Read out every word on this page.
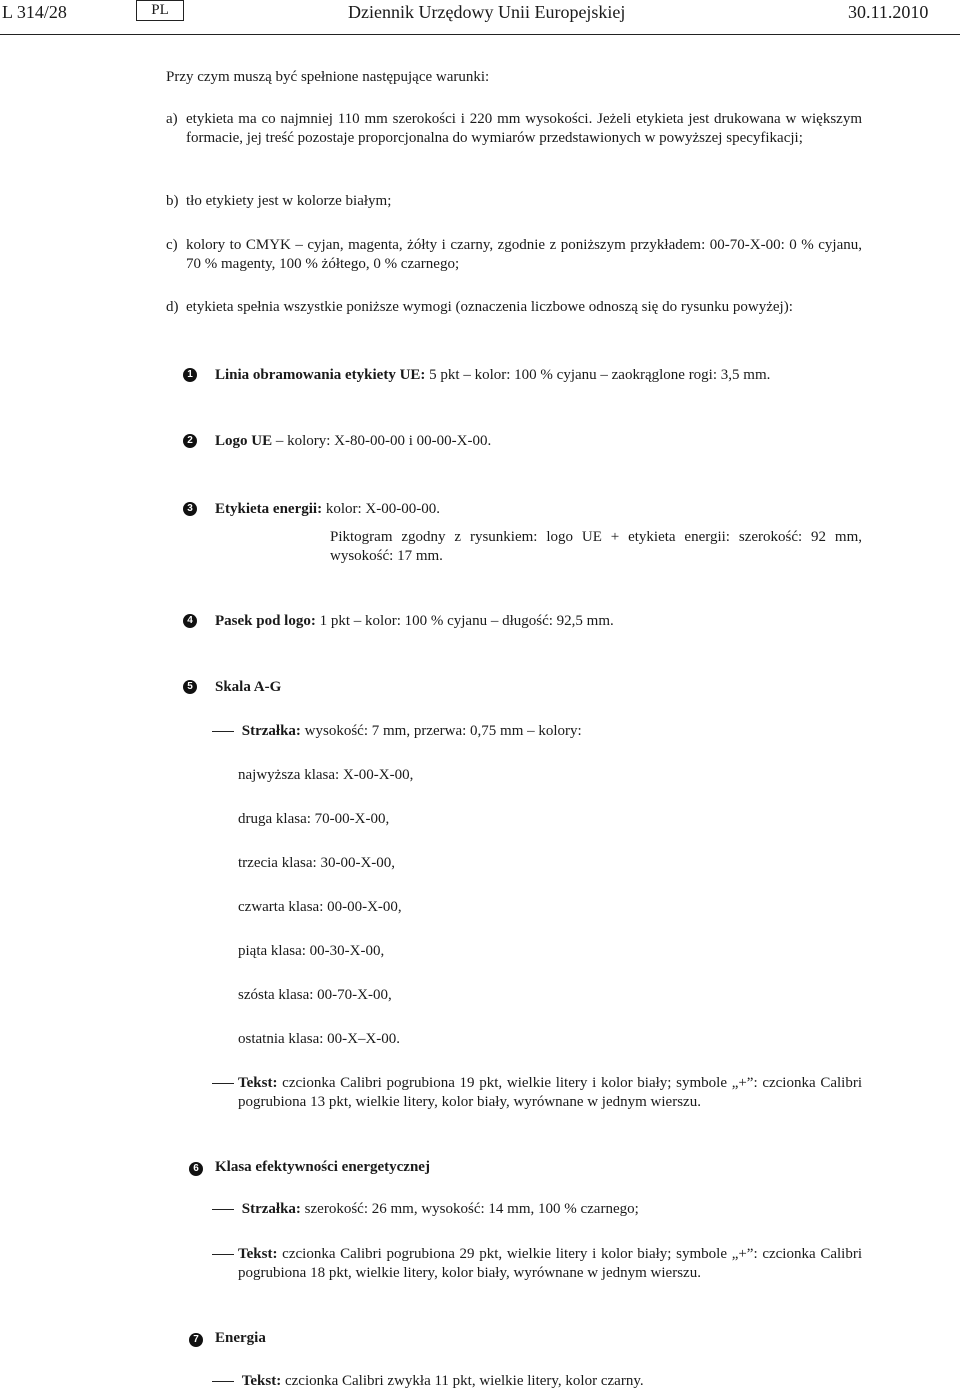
L 314/28	PL	Dziennik Urzędowy Unii Europejskiej	30.11.2010
Przy czym muszą być spełnione następujące warunki:
a) etykieta ma co najmniej 110 mm szerokości i 220 mm wysokości. Jeżeli etykieta jest drukowana w większym formacie, jej treść pozostaje proporcjonalna do wymiarów przedstawionych w powyższej specyfikacji;
b) tło etykiety jest w kolorze białym;
c) kolory to CMYK – cyjan, magenta, żółty i czarny, zgodnie z poniższym przykładem: 00-70-X-00: 0 % cyjanu, 70 % magenty, 100 % żółtego, 0 % czarnego;
d) etykieta spełnia wszystkie poniższe wymogi (oznaczenia liczbowe odnoszą się do rysunku powyżej):
1 Linia obramowania etykiety UE: 5 pkt – kolor: 100 % cyjanu – zaokrąglone rogi: 3,5 mm.
2 Logo UE – kolory: X-80-00-00 i 00-00-X-00.
3 Etykieta energii: kolor: X-00-00-00.
Piktogram zgodny z rysunkiem: logo UE + etykieta energii: szerokość: 92 mm, wysokość: 17 mm.
4 Pasek pod logo: 1 pkt – kolor: 100 % cyjanu – długość: 92,5 mm.
5 Skala A-G
Strzałka: wysokość: 7 mm, przerwa: 0,75 mm – kolory:
najwyższa klasa: X-00-X-00,
druga klasa: 70-00-X-00,
trzecia klasa: 30-00-X-00,
czwarta klasa: 00-00-X-00,
piąta klasa: 00-30-X-00,
szósta klasa: 00-70-X-00,
ostatnia klasa: 00-X–X-00.
Tekst: czcionka Calibri pogrubiona 19 pkt, wielkie litery i kolor biały; symbole „+”: czcionka Calibri pogrubiona 13 pkt, wielkie litery, kolor biały, wyrównane w jednym wierszu.
6 Klasa efektywności energetycznej
Strzałka: szerokość: 26 mm, wysokość: 14 mm, 100 % czarnego;
Tekst: czcionka Calibri pogrubiona 29 pkt, wielkie litery i kolor biały; symbole „+”: czcionka Calibri pogrubiona 18 pkt, wielkie litery, kolor biały, wyrównane w jednym wierszu.
7 Energia
Tekst: czcionka Calibri zwykła 11 pkt, wielkie litery, kolor czarny.
